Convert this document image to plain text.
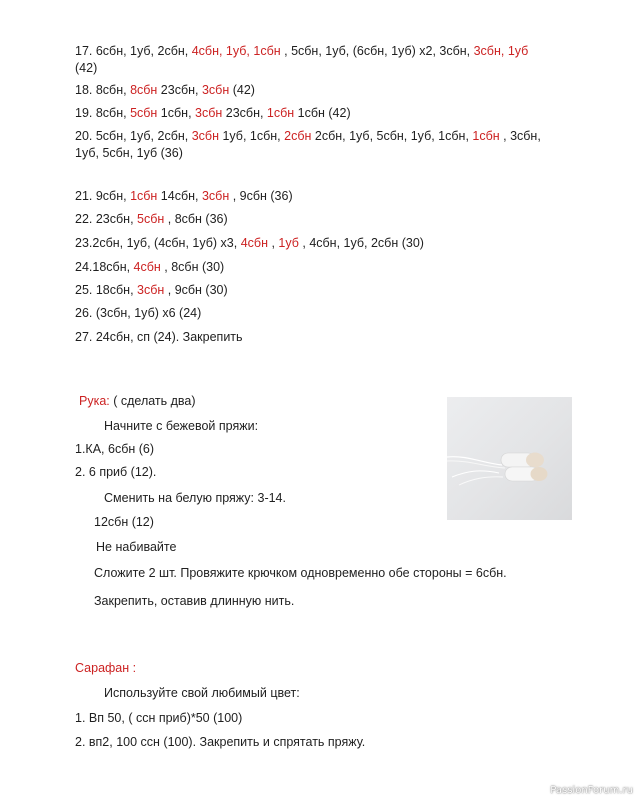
17. 6сбн, 1уб, 2сбн, 4сбн, 1уб, 1сбн , 5сбн, 1уб, (6сбн, 1уб) х2, 3сбн, 3сбн, 1уб
(42)
18. 8сбн, 8сбн 23сбн, 3сбн (42)
19. 8сбн, 5сбн 1сбн, 3сбн 23сбн, 1сбн 1сбн (42)
20. 5сбн, 1уб, 2сбн, 3сбн 1уб, 1сбн, 2сбн 2сбн, 1уб, 5сбн, 1уб, 1сбн, 1сбн , 3сбн,
1уб, 5сбн, 1уб (36)
21. 9сбн, 1сбн 14сбн, 3сбн , 9сбн (36)
22. 23сбн, 5сбн , 8сбн (36)
23.2сбн, 1уб, (4сбн, 1уб) х3, 4сбн , 1уб , 4сбн, 1уб, 2сбн (30)
24.18сбн, 4сбн , 8сбн (30)
25. 18сбн, 3сбн , 9сбн (30)
26. (3сбн, 1уб) х6 (24)
27. 24сбн, сп (24). Закрепить
Рука: ( сделать два)
Начните с бежевой пряжи:
1.КА, 6сбн (6)
2. 6 приб (12).
Сменить на белую пряжу: 3-14.
12сбн (12)
Не набивайте
Сложите 2 шт. Провяжите крючком одновременно обе стороны = 6сбн.
Закрепить, оставив длинную нить.
Сарафан :
Используйте свой любимый цвет:
1. Вп 50, ( ссн приб)*50 (100)
2. вп2, 100 ссн (100). Закрепить и спрятать пряжу.
PassionForum.ru
